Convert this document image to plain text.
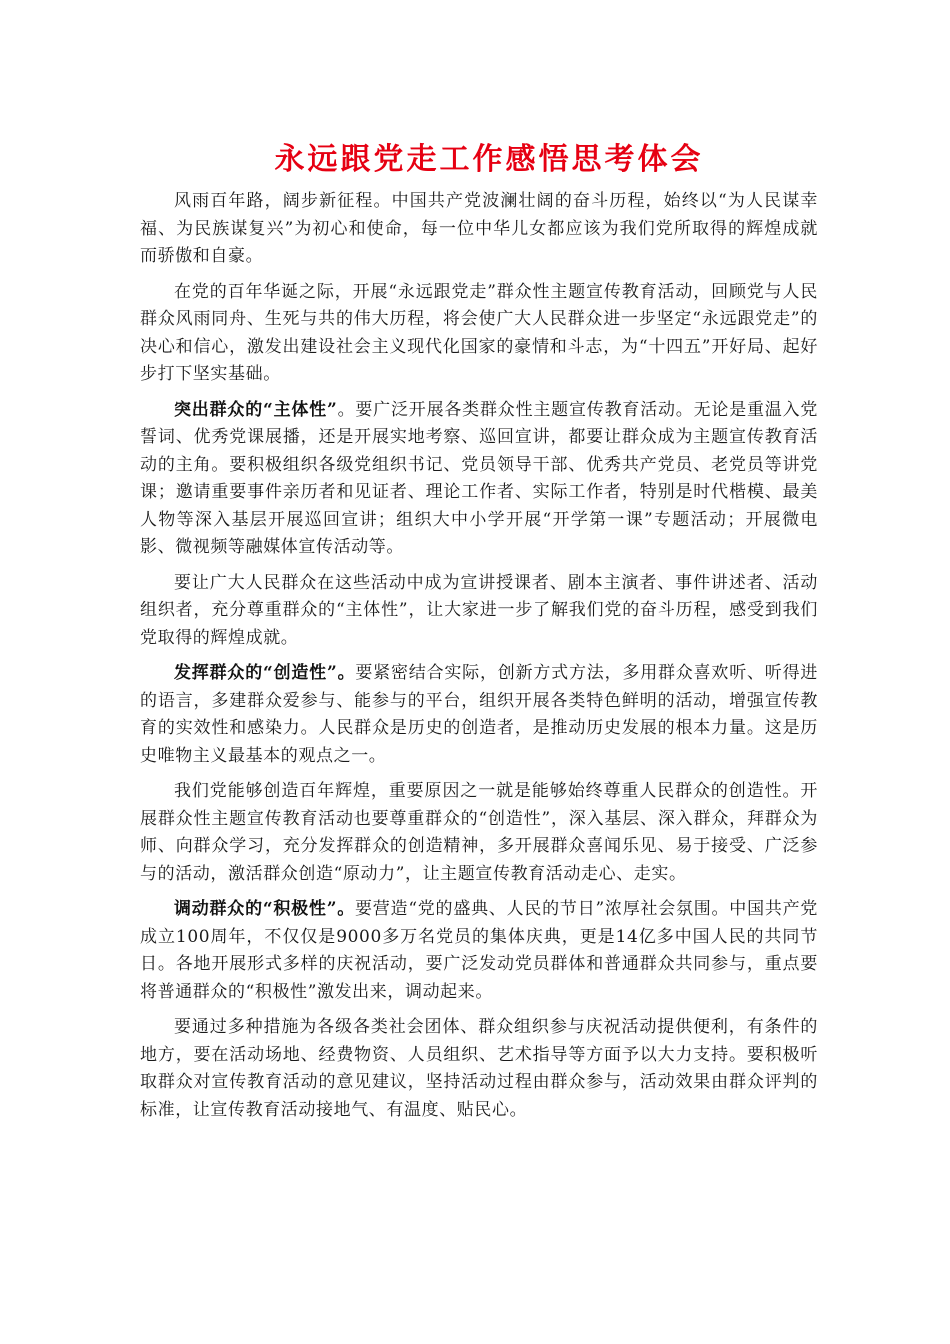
永远跟党走工作感悟思考体会

风雨百年路，阔步新征程。中国共产党波澜壮阔的奋斗历程，始终以“为人民谋幸福、为民族谋复兴”为初心和使命，每一位中华儿女都应该为我们党所取得的辉煌成就而骄傲和自豪。

在党的百年华诞之际，开展“永远跟党走”群众性主题宣传教育活动，回顾党与人民群众风雨同舟、生死与共的伟大历程，将会使广大人民群众进一步坚定“永远跟党走”的决心和信心，激发出建设社会主义现代化国家的豪情和斗志，为“十四五”开好局、起好步打下坚实基础。

突出群众的“主体性”。要广泛开展各类群众性主题宣传教育活动。无论是重温入党誓词、优秀党课展播，还是开展实地考察、巡回宣讲，都要让群众成为主题宣传教育活动的主角。要积极组织各级党组织书记、党员领导干部、优秀共产党员、老党员等讲党课；邀请重要事件亲历者和见证者、理论工作者、实际工作者，特别是时代楷模、最美人物等深入基层开展巡回宣讲；组织大中小学开展“开学第一课”专题活动；开展微电影、微视频等融媒体宣传活动等。

要让广大人民群众在这些活动中成为宣讲授课者、剧本主演者、事件讲述者、活动组织者，充分尊重群众的“主体性”，让大家进一步了解我们党的奋斗历程，感受到我们党取得的辉煌成就。

发挥群众的“创造性”。要紧密结合实际，创新方式方法，多用群众喜欢听、听得进的语言，多建群众爱参与、能参与的平台，组织开展各类特色鲜明的活动，增强宣传教育的实效性和感染力。人民群众是历史的创造者，是推动历史发展的根本力量。这是历史唯物主义最基本的观点之一。

我们党能够创造百年辉煌，重要原因之一就是能够始终尊重人民群众的创造性。开展群众性主题宣传教育活动也要尊重群众的“创造性”，深入基层、深入群众，拜群众为师、向群众学习，充分发挥群众的创造精神，多开展群众喜闻乐见、易于接受、广泛参与的活动，激活群众创造“原动力”，让主题宣传教育活动走心、走实。

调动群众的“积极性”。要营造“党的盛典、人民的节日”浓厚社会氛围。中国共产党成立100周年，不仅仅是9000多万名党员的集体庆典，更是14亿多中国人民的共同节日。各地开展形式多样的庆祝活动，要广泛发动党员群体和普通群众共同参与，重点要将普通群众的“积极性”激发出来，调动起来。

要通过多种措施为各级各类社会团体、群众组织参与庆祝活动提供便利，有条件的地方，要在活动场地、经费物资、人员组织、艺术指导等方面予以大力支持。要积极听取群众对宣传教育活动的意见建议，坚持活动过程由群众参与，活动效果由群众评判的标准，让宣传教育活动接地气、有温度、贴民心。
